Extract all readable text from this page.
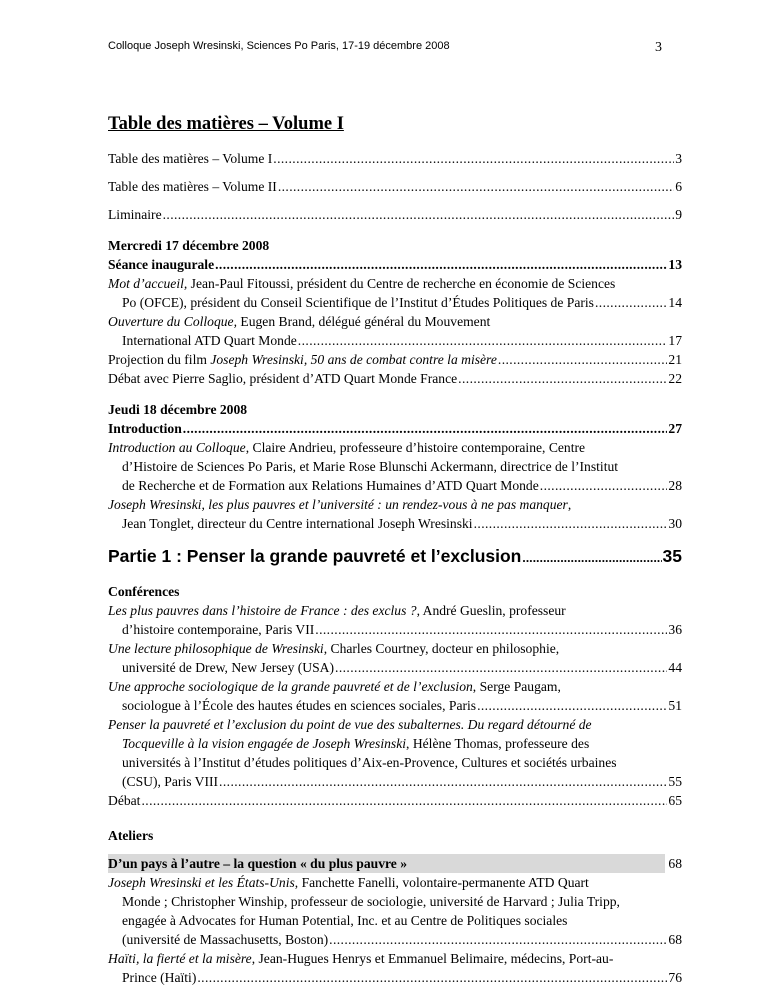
Colloque Joseph Wresinski, Sciences Po Paris, 17-19 décembre 2008	3
Table des matières – Volume I
Table des matières – Volume I .....	3
Table des matières – Volume II .....	6
Liminaire .....	9
Mercredi 17 décembre 2008
Séance inaugurale .....	13
Mot d’accueil, Jean-Paul Fitoussi, président du Centre de recherche en économie de Sciences
Po (OFCE), président du Conseil Scientifique de l’Institut d’Études Politiques de Paris .....	14
Ouverture du Colloque, Eugen Brand, délégué général du Mouvement
International ATD Quart Monde .....	17
Projection du film Joseph Wresinski, 50 ans de combat contre la misère .....	21
Débat avec Pierre Saglio, président d’ATD Quart Monde France .....	22
Jeudi 18 décembre 2008
Introduction .....	27
Introduction au Colloque, Claire Andrieu, professeure d’histoire contemporaine, Centre
d’Histoire de Sciences Po Paris, et Marie Rose Blunschi Ackermann, directrice de l’Institut
de Recherche et de Formation aux Relations Humaines d’ATD Quart Monde .....	28
Joseph Wresinski, les plus pauvres et l’université : un rendez-vous à ne pas manquer,
Jean Tonglet, directeur du Centre international Joseph Wresinski .....	30
Partie 1 : Penser la grande pauvreté et l’exclusion .....	35
Conférences
Les plus pauvres dans l’histoire de France : des exclus ?, André Gueslin, professeur
d’histoire contemporaine, Paris VII .....	36
Une lecture philosophique de Wresinski, Charles Courtney, docteur en philosophie,
université de Drew, New Jersey (USA) .....	44
Une approche sociologique de la grande pauvreté et de l’exclusion, Serge Paugam,
sociologue à l’École des hautes études en sciences sociales, Paris .....	51
Penser la pauvreté et l’exclusion du point de vue des subalternes. Du regard détourné de
Tocqueville à la vision engagée de Joseph Wresinski, Hélène Thomas, professeure des
universités à l’Institut d’études politiques d’Aix-en-Provence, Cultures et sociétés urbaines
(CSU), Paris VIII .....	55
Débat .....	65
Ateliers
D’un pays à l’autre – la question « du plus pauvre »	68
Joseph Wresinski et les États-Unis, Fanchette Fanelli, volontaire-permanente ATD Quart
Monde ; Christopher Winship, professeur de sociologie, université de Harvard ; Julia Tripp,
engagée à Advocates for Human Potential, Inc. et au Centre de Politiques sociales
(université de Massachusetts, Boston) .....	68
Haïti, la fierté et la misère, Jean-Hugues Henrys et Emmanuel Belimaire, médecins, Port-au-
Prince (Haïti) .....	76
